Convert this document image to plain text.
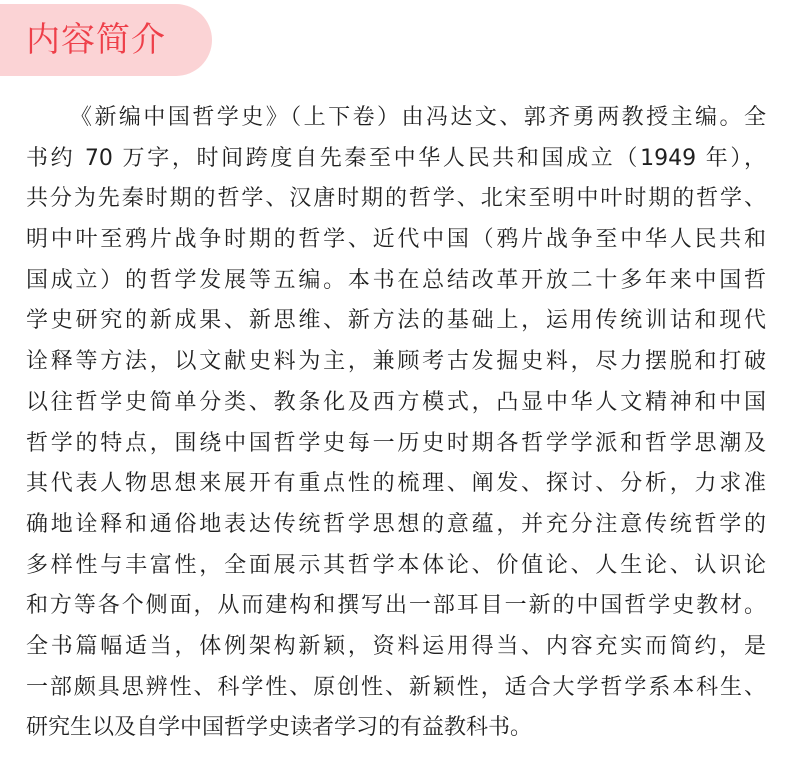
内容简介
《新编中国哲学史》（上下卷）由冯达文、郭齐勇两教授主编。全
书约 70 万字，时间跨度自先秦至中华人民共和国成立（1949 年），
共分为先秦时期的哲学、汉唐时期的哲学、北宋至明中叶时期的哲学、
明中叶至鸦片战争时期的哲学、近代中国（鸦片战争至中华人民共和
国成立）的哲学发展等五编。本书在总结改革开放二十多年来中国哲
学史研究的新成果、新思维、新方法的基础上，运用传统训诂和现代
诠释等方法，以文献史料为主，兼顾考古发掘史料，尽力摆脱和打破
以往哲学史简单分类、教条化及西方模式，凸显中华人文精神和中国
哲学的特点，围绕中国哲学史每一历史时期各哲学学派和哲学思潮及
其代表人物思想来展开有重点性的梳理、阐发、探讨、分析，力求准
确地诠释和通俗地表达传统哲学思想的意蕴，并充分注意传统哲学的
多样性与丰富性，全面展示其哲学本体论、价值论、人生论、认识论
和方等各个侧面，从而建构和撰写出一部耳目一新的中国哲学史教材。
全书篇幅适当，体例架构新颖，资料运用得当、内容充实而简约，是
一部颇具思辨性、科学性、原创性、新颖性，适合大学哲学系本科生、
研究生以及自学中国哲学史读者学习的有益教科书。
